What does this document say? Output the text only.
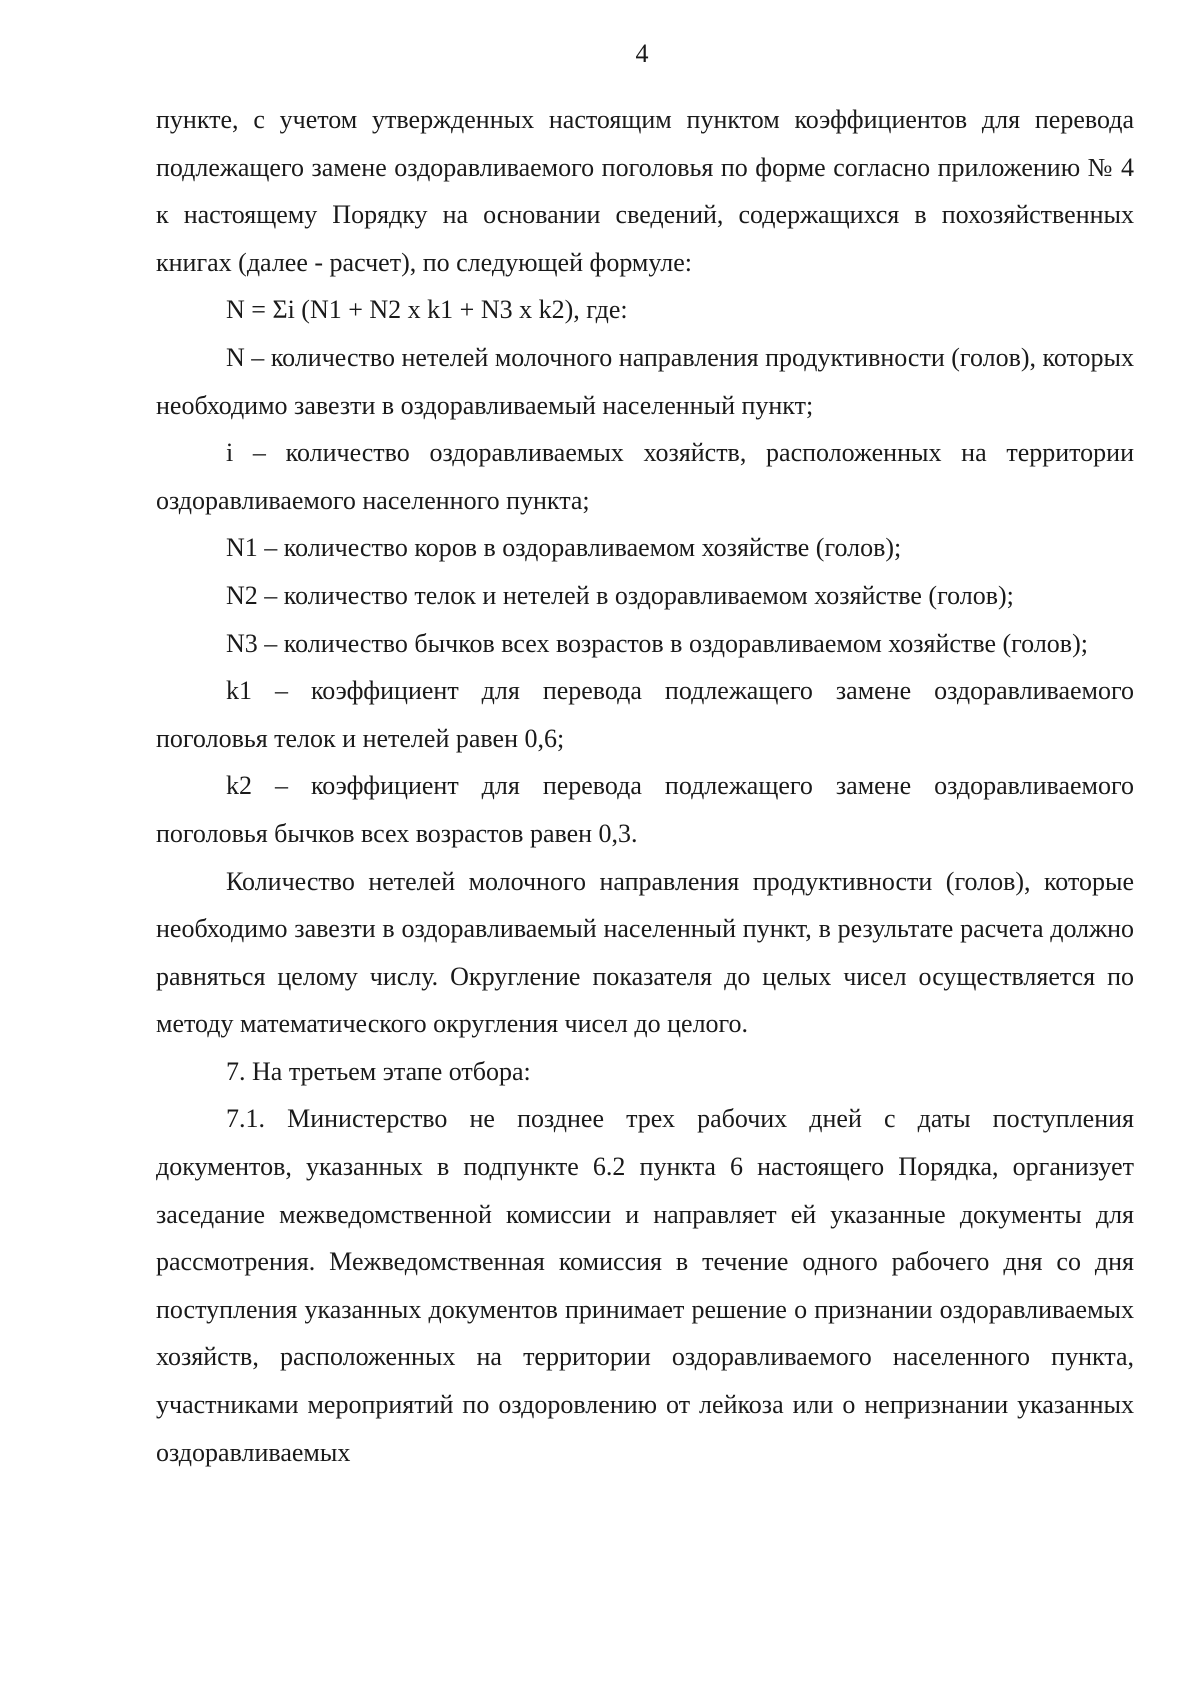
4

пункте, с учетом утвержденных настоящим пунктом коэффициентов для перевода подлежащего замене оздоравливаемого поголовья по форме согласно приложению № 4 к настоящему Порядку на основании сведений, содержащихся в похозяйственных книгах (далее - расчет), по следующей формуле:

N = Σi (N1 + N2 x k1 + N3 x k2), где:

N – количество нетелей молочного направления продуктивности (голов), которых необходимо завезти в оздоравливаемый населенный пункт;

i – количество оздоравливаемых хозяйств, расположенных на территории оздоравливаемого населенного пункта;

N1 – количество коров в оздоравливаемом хозяйстве (голов);

N2 – количество телок и нетелей в оздоравливаемом хозяйстве (голов);

N3 – количество бычков всех возрастов в оздоравливаемом хозяйстве (голов);

k1 – коэффициент для перевода подлежащего замене оздоравливаемого поголовья телок и нетелей равен 0,6;

k2 – коэффициент для перевода подлежащего замене оздоравливаемого поголовья бычков всех возрастов равен 0,3.

Количество нетелей молочного направления продуктивности (голов), которые необходимо завезти в оздоравливаемый населенный пункт, в результате расчета должно равняться целому числу. Округление показателя до целых чисел осуществляется по методу математического округления чисел до целого.

7. На третьем этапе отбора:

7.1. Министерство не позднее трех рабочих дней с даты поступления документов, указанных в подпункте 6.2 пункта 6 настоящего Порядка, организует заседание межведомственной комиссии и направляет ей указанные документы для рассмотрения. Межведомственная комиссия в течение одного рабочего дня со дня поступления указанных документов принимает решение о признании оздоравливаемых хозяйств, расположенных на территории оздоравливаемого населенного пункта, участниками мероприятий по оздоровлению от лейкоза или о непризнании указанных оздоравливаемых
